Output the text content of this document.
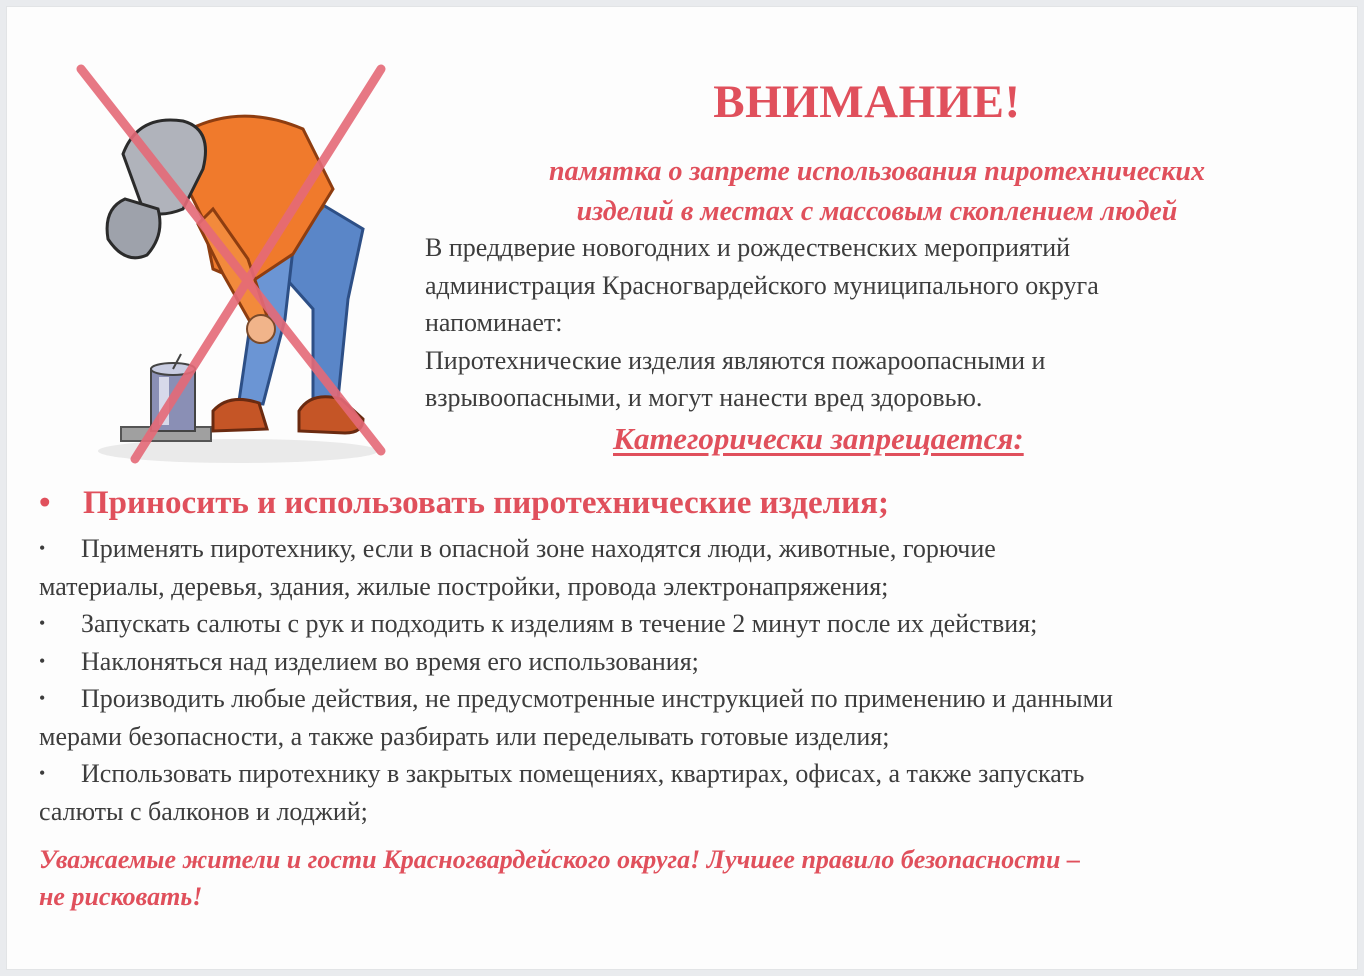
ВНИМАНИЕ!
памятка о запрете использования пиротехнических
изделий в местах с массовым скоплением людей
В преддверие новогодних и рождественских мероприятий
администрация Красногвардейского муниципального округа
напоминает:
Пиротехнические изделия являются пожароопасными и
взрывоопасными, и могут нанести вред здоровью.
Категорически запрещается:
• Приносить и использовать пиротехнические изделия;
• Применять пиротехнику, если в опасной зоне находятся люди, животные, горючие
материалы, деревья, здания, жилые постройки, провода электронапряжения;
• Запускать салюты с рук и подходить к изделиям в течение 2 минут после их действия;
• Наклоняться над изделием во время его использования;
• Производить любые действия, не предусмотренные инструкцией по применению и данными
мерами безопасности, а также разбирать или переделывать готовые изделия;
• Использовать пиротехнику в закрытых помещениях, квартирах, офисах, а также запускать
салюты с балконов и лоджий;
Уважаемые жители и гости Красногвардейского округа! Лучшее правило безопасности –
не рисковать!
